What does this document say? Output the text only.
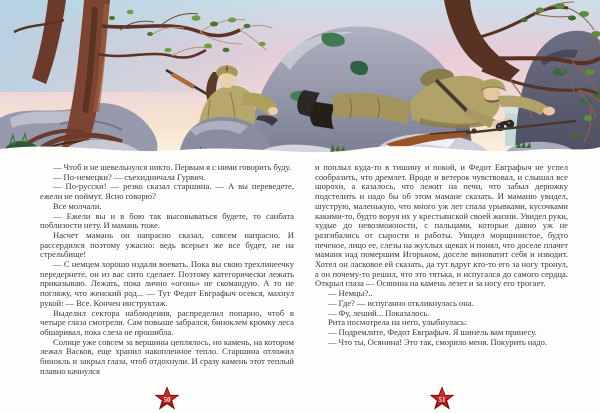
— Чтоб и не шевельнулся никто. Первым я с ними говорить буду.

— По-немецки? — съехидничала Гурвич.

— По-русски! — резко сказал старшина. — А вы переведете, ежели не поймут. Ясно говорю?

Все молчали.

— Ежели вы и в бою так высовываться будете, то санбата поблизости нету. И мамань тоже.

Насчет мамань он напрасно сказал, совсем напрасно. И рассердился поэтому ужасно: ведь всерьез же все будет, не на стрельбище!

— С немцем хорошо издали воевать. Пока вы свою трехлинеечку передернете, он из вас сито сделает. Поэтому категорически лежать приказываю. Лежать, пока лично «огонь» не скомандую. А то не погляжу, что женский род... — Тут Федот Евграфыч осекся, махнул рукой: — Все. Кончен инструктаж.

Выделил сектора наблюдения, распределил попарно, чтоб в четыре глаза смотрели. Сам повыше забрался, биноклем кромку леса обшаривал, пока слеза не прошибла.

Солнце уже совсем за вершины цеплялось, но камень, на котором лежал Васков, еще хранил накопленное тепло. Старшина отложил бинокль и закрыл глаза, чтоб отдохнули. И сразу камень этот теплый плавно качнулся

50

и поплыл куда-то в тишину и покой, и Федот Евграфыч не успел сообразить, что дремлет. Вроде и ветерок чувствовал, и слышал все шорохи, а казалось, что лежит на печи, что забыл дерюжку подстелить и надо бы об этом мамане сказать. И маманю увидел, шуструю, маленькую, что много уж лет спала урывками, кусочками какими-то, будто воруя их у крестьянской своей жизни. Увидел руки, худые до невозможности, с пальцами, которые давно уж не разгибались от сырости и работы. Увидел морщинистое, будто печеное, лицо ее, слезы на жухлых щеках и понял, что доселе плачет маманя над помершим Игорьком, доселе виноватит себя и изводит. Хотел он ласковое ей сказать, да тут вдруг кто-то его за ногу тронул, а он почему-то решил, что это тятька, и испугался до самого сердца. Открыл глаза — Осянина на камень лезет и за ногу его трогает.

— Немцы?..

— Где? — испуганно откликнулась она.

— Фу, леший... Показалось.

Рита посмотрела на него, улыбнулась:

— Подремлите, Федот Евграфыч. Я шинель вам принесу.

— Что ты, Осянина! Это так, сморило меня. Покурить надо.

51
